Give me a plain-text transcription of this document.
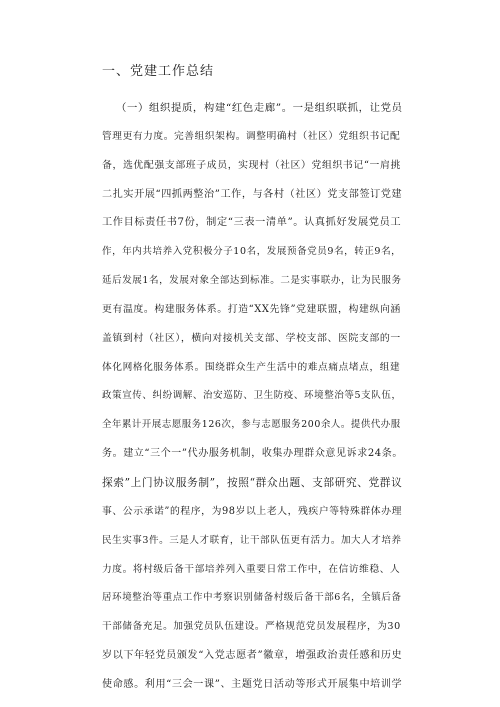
一、党建工作总结
（一）组织提质，构建“红色走廊”。一是组织联抓，让党员
管理更有力度。完善组织架构。调整明确村（社区）党组织书记配
备，选优配强支部班子成员，实现村（社区）党组织书记“一肩挑
二扎实开展“四抓两整治”工作，与各村（社区）党支部签订党建
工作目标责任书7份，制定“三表一清单”。认真抓好发展党员工
作，年内共培养入党积极分子10名，发展预备党员9名，转正9名，
延后发展1名，发展对象全部达到标准。二是实事联办，让为民服务
更有温度。构建服务体系。打造“XX先锋”党建联盟，构建纵向涵
盖镇到村（社区），横向对接机关支部、学校支部、医院支部的一
体化网格化服务体系。围绕群众生产生活中的难点痛点堵点，组建
政策宣传、纠纷调解、治安巡防、卫生防疫、环境整治等5支队伍，
全年累计开展志愿服务126次，参与志愿服务200余人。提供代办服
务。建立“三个一”代办服务机制，收集办理群众意见诉求24条。
探索”上门协议服务制”，按照“群众出题、支部研究、党群议
事、公示承诺”的程序，为98岁以上老人，残疾户等特殊群体办理
民生实事3件。三是人才联育，让干部队伍更有活力。加大人才培养
力度。将村级后备干部培养列入重要日常工作中，在信访维稳、人
居环境整治等重点工作中考察识别储备村级后备干部6名，全镇后备
干部储备充足。加强党员队伍建设。严格规范党员发展程序，为30
岁以下年轻党员颁发“入党志愿者”徽章，增强政治责任感和历史
使命感。利用“三会一课”、主题党日活动等形式开展集中培训学
